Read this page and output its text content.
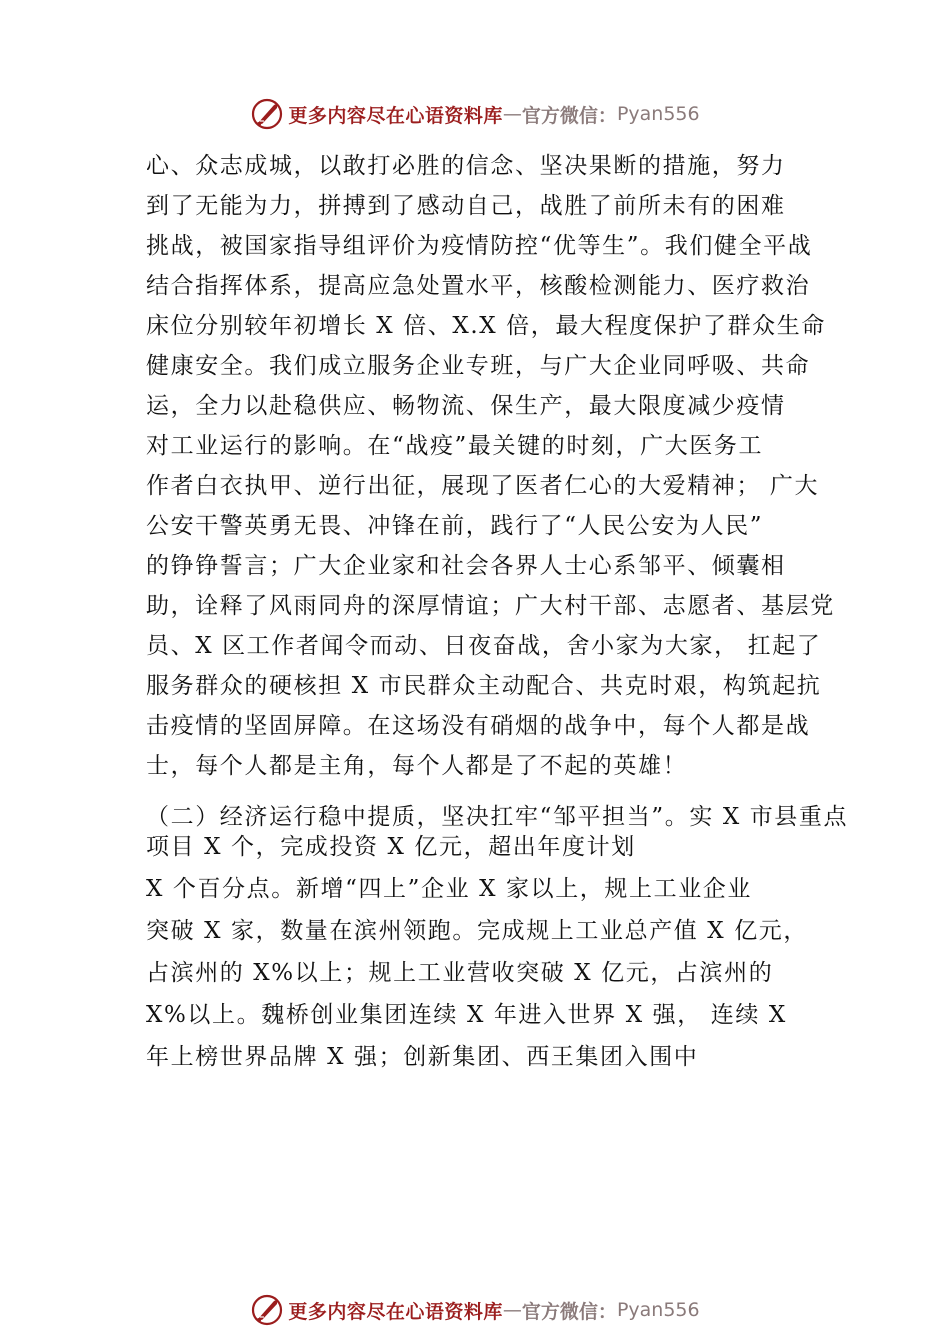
更多内容尽在心语资料库 — 官方微信： Pyan556
心、众志成城，以敢打必胜的信念、坚决果断的措施，努力
到了无能为力，拼搏到了感动自己，战胜了前所未有的困难
挑战，被国家指导组评价为疫情防控“优等生”。我们健全平战
结合指挥体系，提高应急处置水平，核酸检测能力、医疗救治
床位分别较年初增长 X 倍、X.X 倍，最大程度保护了群众生命
健康安全。我们成立服务企业专班，与广大企业同呼吸、共命
运，全力以赴稳供应、畅物流、保生产，最大限度减少疫情
对工业运行的影响。在“战疫”最关键的时刻，广大医务工
作者白衣执甲、逆行出征，展现了医者仁心的大爱精神； 广大
公安干警英勇无畏、冲锋在前，践行了“人民公安为人民”
的铮铮誓言；广大企业家和社会各界人士心系邹平、倾囊相
助，诠释了风雨同舟的深厚情谊；广大村干部、志愿者、基层党
员、X 区工作者闻令而动、日夜奋战，舍小家为大家， 扛起了
服务群众的硬核担 X 市民群众主动配合、共克时艰，构筑起抗
击疫情的坚固屏障。在这场没有硝烟的战争中，每个人都是战
士，每个人都是主角，每个人都是了不起的英雄！
（二）经济运行稳中提质，坚决扛牢“邹平担当”。实 X 市县重点
项目 X 个，完成投资 X 亿元，超出年度计划
X 个百分点。新增“四上”企业 X 家以上，规上工业企业
突破 X 家，数量在滨州领跑。完成规上工业总产值 X 亿元，
占滨州的 X%以上；规上工业营收突破 X 亿元，占滨州的
X%以上。魏桥创业集团连续 X 年进入世界 X 强， 连续 X
年上榜世界品牌 X 强；创新集团、西王集团入围中
更多内容尽在心语资料库 — 官方微信： Pyan556
